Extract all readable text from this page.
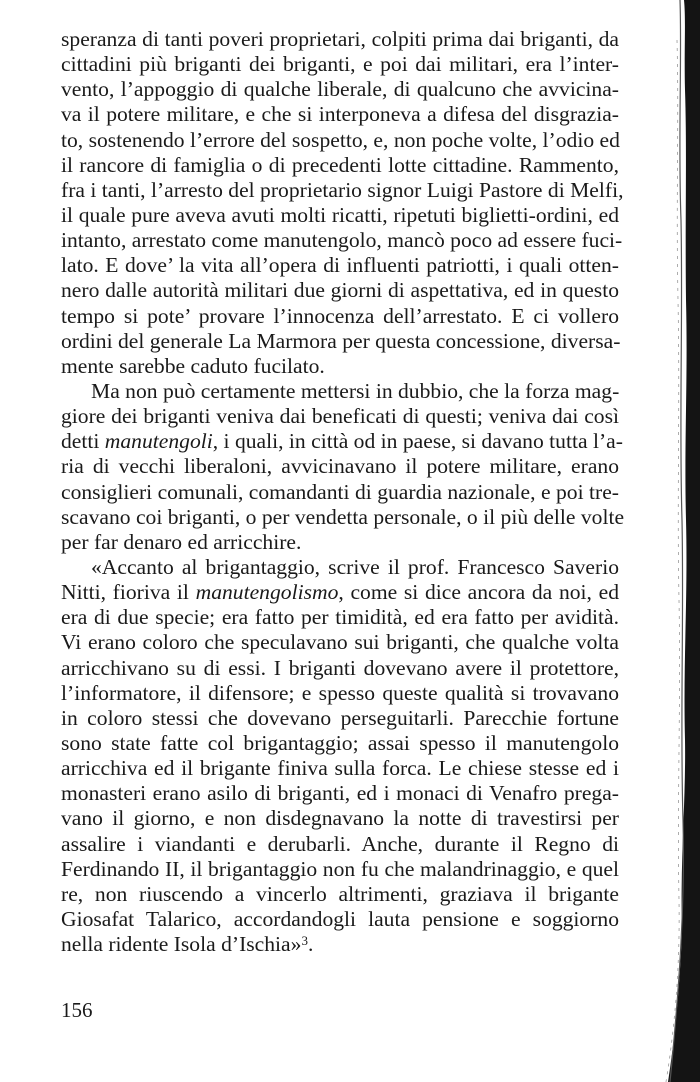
speranza di tanti poveri proprietari, colpiti prima dai briganti, da
cittadini più briganti dei briganti, e poi dai militari, era l’inter-
vento, l’appoggio di qualche liberale, di qualcuno che avvicina-
va il potere militare, e che si interponeva a difesa del disgrazia-
to, sostenendo l’errore del sospetto, e, non poche volte, l’odio ed
il rancore di famiglia o di precedenti lotte cittadine. Rammento,
fra i tanti, l’arresto del proprietario signor Luigi Pastore di Melfi,
il quale pure aveva avuti molti ricatti, ripetuti biglietti-ordini, ed
intanto, arrestato come manutengolo, mancò poco ad essere fuci-
lato. E dove’ la vita all’opera di influenti patriotti, i quali otten-
nero dalle autorità militari due giorni di aspettativa, ed in questo
tempo si pote’ provare l’innocenza dell’arrestato. E ci vollero
ordini del generale La Marmora per questa concessione, diversa-
mente sarebbe caduto fucilato.
Ma non può certamente mettersi in dubbio, che la forza mag-
giore dei briganti veniva dai beneficati di questi; veniva dai così
detti manutengoli, i quali, in città od in paese, si davano tutta l’a-
ria di vecchi liberaloni, avvicinavano il potere militare, erano
consiglieri comunali, comandanti di guardia nazionale, e poi tre-
scavano coi briganti, o per vendetta personale, o il più delle volte
per far denaro ed arricchire.
«Accanto al brigantaggio, scrive il prof. Francesco Saverio
Nitti, fioriva il manutengolismo, come si dice ancora da noi, ed
era di due specie; era fatto per timidità, ed era fatto per avidità.
Vi erano coloro che speculavano sui briganti, che qualche volta
arricchivano su di essi. I briganti dovevano avere il protettore,
l’informatore, il difensore; e spesso queste qualità si trovavano
in coloro stessi che dovevano perseguitarli. Parecchie fortune
sono state fatte col brigantaggio; assai spesso il manutengolo
arricchiva ed il brigante finiva sulla forca. Le chiese stesse ed i
monasteri erano asilo di briganti, ed i monaci di Venafro prega-
vano il giorno, e non disdegnavano la notte di travestirsi per
assalire i viandanti e derubarli. Anche, durante il Regno di
Ferdinando II, il brigantaggio non fu che malandrinaggio, e quel
re, non riuscendo a vincerlo altrimenti, graziava il brigante
Giosafat Talarico, accordandogli lauta pensione e soggiorno
nella ridente Isola d’Ischia»$^3$.
156
